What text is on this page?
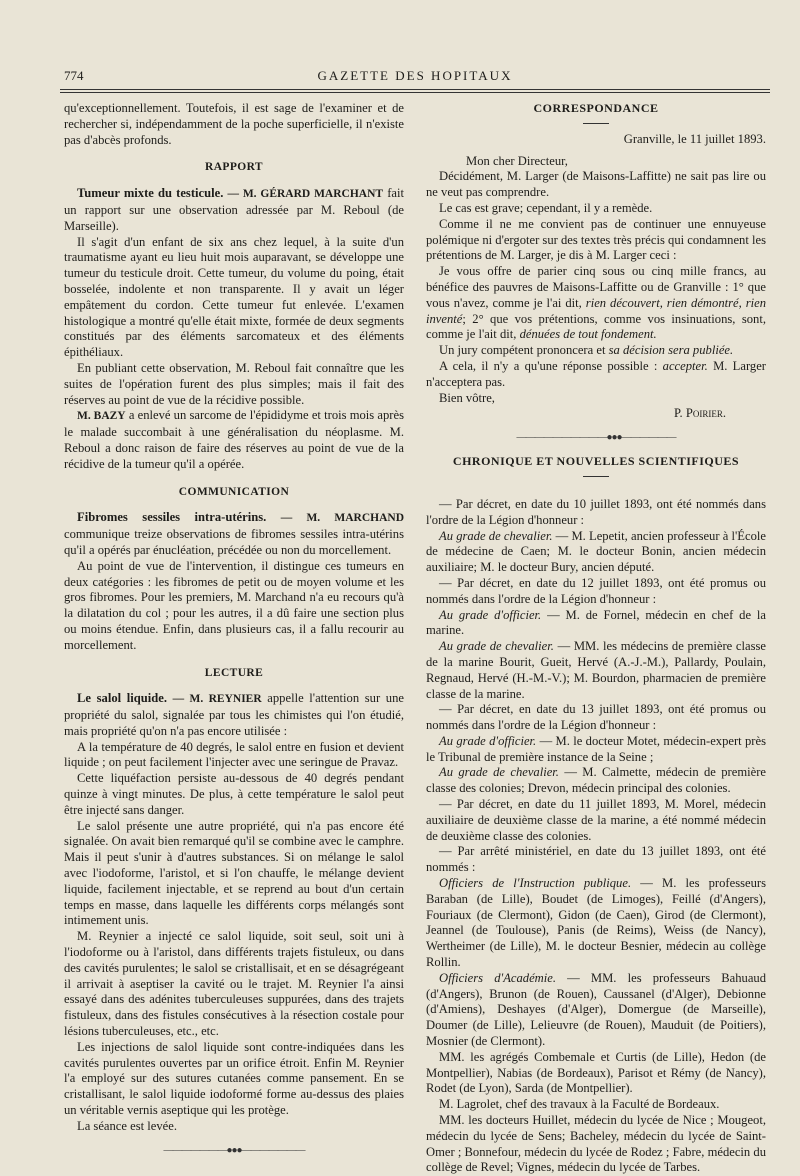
774	GAZETTE DES HOPITAUX

qu'exceptionnellement. Toutefois, il est sage de l'examiner et de rechercher si, indépendamment de la poche superficielle, il n'existe pas d'abcès profonds.

RAPPORT

Tumeur mixte du testicule. — M. GÉRARD MARCHANT fait un rapport sur une observation adressée par M. Reboul (de Marseille).

Il s'agit d'un enfant de six ans chez lequel, à la suite d'un traumatisme ayant eu lieu huit mois auparavant, se développe une tumeur du testicule droit. Cette tumeur, du volume du poing, était bosselée, indolente et non transparente. Il y avait un léger empâtement du cordon. Cette tumeur fut enlevée. L'examen histologique a montré qu'elle était mixte, formée de deux segments constitués par des éléments sarcomateux et des éléments épithéliaux.

En publiant cette observation, M. Reboul fait connaître que les suites de l'opération furent des plus simples; mais il fait des réserves au point de vue de la récidive possible.

M. BAZY a enlevé un sarcome de l'épididyme et trois mois après le malade succombait à une généralisation du néoplasme. M. Reboul a donc raison de faire des réserves au point de vue de la récidive de la tumeur qu'il a opérée.

COMMUNICATION

Fibromes sessiles intra-utérins. — M. MARCHAND communique treize observations de fibromes sessiles intra-utérins qu'il a opérés par énucléation, précédée ou non du morcellement.

Au point de vue de l'intervention, il distingue ces tumeurs en deux catégories : les fibromes de petit ou de moyen volume et les gros fibromes. Pour les premiers, M. Marchand n'a eu recours qu'à la dilatation du col ; pour les autres, il a dû faire une section plus ou moins étendue. Enfin, dans plusieurs cas, il a fallu recourir au morcellement.

LECTURE

Le salol liquide. — M. REYNIER appelle l'attention sur une propriété du salol, signalée par tous les chimistes qui l'on étudié, mais propriété qu'on n'a pas encore utilisée :

A la température de 40 degrés, le salol entre en fusion et devient liquide ; on peut facilement l'injecter avec une seringue de Pravaz.

Cette liquéfaction persiste au-dessous de 40 degrés pendant quinze à vingt minutes. De plus, à cette température le salol peut être injecté sans danger.

Le salol présente une autre propriété, qui n'a pas encore été signalée. On avait bien remarqué qu'il se combine avec le camphre. Mais il peut s'unir à d'autres substances. Si on mélange le salol avec l'iodoforme, l'aristol, et si l'on chauffe, le mélange devient liquide, facilement injectable, et se reprend au bout d'un certain temps en masse, dans laquelle les différents corps mélangés sont intimement unis.

M. Reynier a injecté ce salol liquide, soit seul, soit uni à l'iodoforme ou à l'aristol, dans différents trajets fistuleux, ou dans des cavités purulentes; le salol se cristallisait, et en se désagrégeant il arrivait à aseptiser la cavité ou le trajet. M. Reynier l'a ainsi essayé dans des adénites tuberculeuses suppurées, dans des trajets fistuleux, dans des fistules consécutives à la résection costale pour lésions tuberculeuses, etc., etc.

Les injections de salol liquide sont contre-indiquées dans les cavités purulentes ouvertes par un orifice étroit. Enfin M. Reynier l'a employé sur des sutures cutanées comme pansement. En se cristallisant, le salol liquide iodoformé forme au-dessus des plaies un véritable vernis aseptique qui les protège.

La séance est levée.

———————●●●———————
CORRESPONDANCE
Granville, le 11 juillet 1893.

Mon cher Directeur,

Décidément, M. Larger (de Maisons-Laffitte) ne sait pas lire ou ne veut pas comprendre.

Le cas est grave; cependant, il y a remède.

Comme il ne me convient pas de continuer une ennuyeuse polémique ni d'ergoter sur des textes très précis qui condamnent les prétentions de M. Larger, je dis à M. Larger ceci :

Je vous offre de parier cinq sous ou cinq mille francs, au bénéfice des pauvres de Maisons-Laffitte ou de Granville : 1° que vous n'avez, comme je l'ai dit, rien découvert, rien démontré, rien inventé; 2° que vos prétentions, comme vos insinuations, sont, comme je l'ait dit, dénuées de tout fondement.

Un jury compétent prononcera et sa décision sera publiée.

A cela, il n'y a qu'une réponse possible : accepter. M. Larger n'acceptera pas.

Bien vôtre,

P. Poirier.
——————————●●●——————
CHRONIQUE ET NOUVELLES SCIENTIFIQUES

— Par décret, en date du 10 juillet 1893, ont été nommés dans l'ordre de la Légion d'honneur :

Au grade de chevalier. — M. Lepetit, ancien professeur à l'École de médecine de Caen; M. le docteur Bonin, ancien médecin auxiliaire; M. le docteur Bury, ancien député.

— Par décret, en date du 12 juillet 1893, ont été promus ou nommés dans l'ordre de la Légion d'honneur :

Au grade d'officier. — M. de Fornel, médecin en chef de la marine.

Au grade de chevalier. — MM. les médecins de première classe de la marine Bourit, Gueit, Hervé (A.-J.-M.), Pallardy, Poulain, Regnaud, Hervé (H.-M.-V.); M. Bourdon, pharmacien de première classe de la marine.

— Par décret, en date du 13 juillet 1893, ont été promus ou nommés dans l'ordre de la Légion d'honneur :

Au grade d'officier. — M. le docteur Motet, médecin-expert près le Tribunal de première instance de la Seine ;

Au grade de chevalier. — M. Calmette, médecin de première classe des colonies; Drevon, médecin principal des colonies.

— Par décret, en date du 11 juillet 1893, M. Morel, médecin auxiliaire de deuxième classe de la marine, a été nommé médecin de deuxième classe des colonies.

— Par arrêté ministériel, en date du 13 juillet 1893, ont été nommés :

Officiers de l'Instruction publique. — M. les professeurs Baraban (de Lille), Boudet (de Limoges), Feillé (d'Angers), Fouriaux (de Clermont), Gidon (de Caen), Girod (de Clermont), Jeannel (de Toulouse), Panis (de Reims), Weiss (de Nancy), Wertheimer (de Lille), M. le docteur Besnier, médecin au collège Rollin.

Officiers d'Académie. — MM. les professeurs Bahuaud (d'Angers), Brunon (de Rouen), Caussanel (d'Alger), Debionne (d'Amiens), Deshayes (d'Alger), Domergue (de Marseille), Doumer (de Lille), Lelieuvre (de Rouen), Mauduit (de Poitiers), Mosnier (de Clermont).

MM. les agrégés Combemale et Curtis (de Lille), Hedon (de Montpellier), Nabias (de Bordeaux), Parisot et Rémy (de Nancy), Rodet (de Lyon), Sarda (de Montpellier).

M. Lagrolet, chef des travaux à la Faculté de Bordeaux.

MM. les docteurs Huillet, médecin du lycée de Nice ; Mougeot, médecin du lycée de Sens; Bacheley, médecin du lycée de Saint-Omer ; Bonnefour, médecin du lycée de Rodez ; Fabre, médecin du collège de Revel; Vignes, médecin du lycée de Tarbes.
